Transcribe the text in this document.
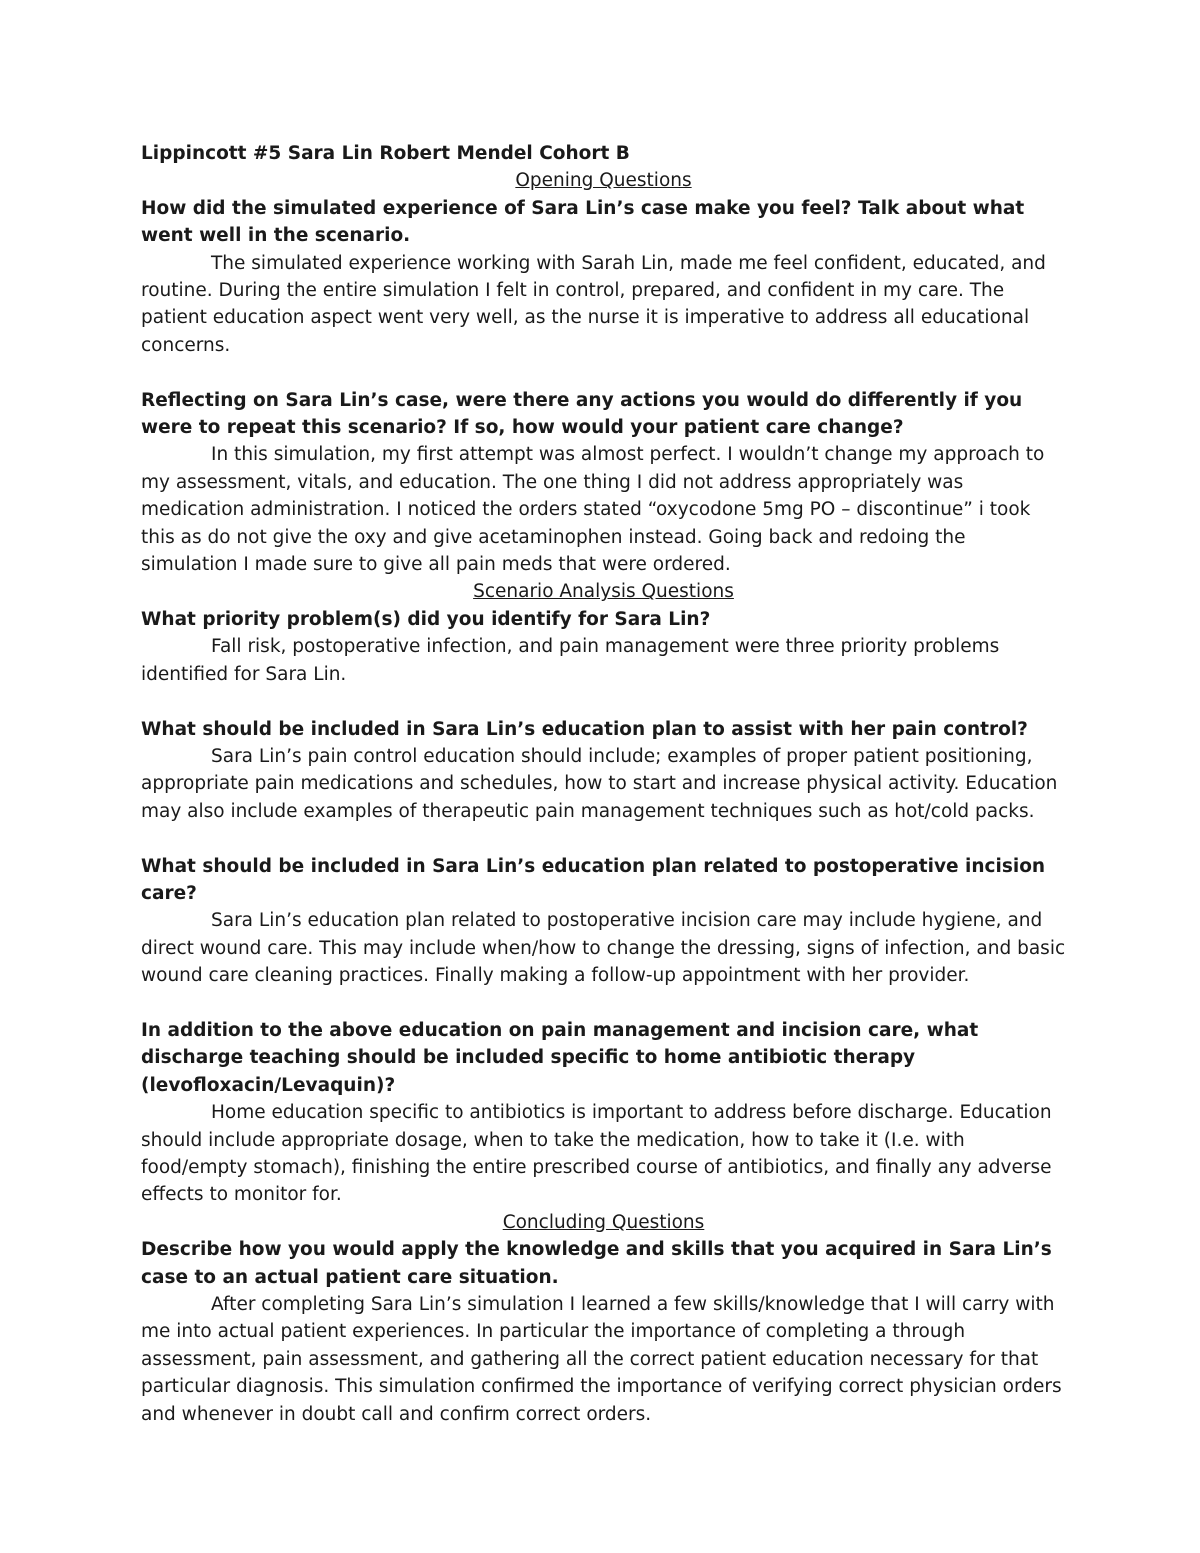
Lippincott #5 Sara Lin Robert Mendel Cohort B

Opening Questions

How did the simulated experience of Sara Lin’s case make you feel? Talk about what went well in the scenario.

The simulated experience working with Sarah Lin, made me feel confident, educated, and routine. During the entire simulation I felt in control, prepared, and confident in my care. The patient education aspect went very well, as the nurse it is imperative to address all educational concerns.

Reflecting on Sara Lin’s case, were there any actions you would do differently if you were to repeat this scenario? If so, how would your patient care change?

In this simulation, my first attempt was almost perfect. I wouldn’t change my approach to my assessment, vitals, and education. The one thing I did not address appropriately was medication administration. I noticed the orders stated “oxycodone 5mg PO – discontinue” i took this as do not give the oxy and give acetaminophen instead. Going back and redoing the simulation I made sure to give all pain meds that were ordered.

Scenario Analysis Questions

What priority problem(s) did you identify for Sara Lin?

Fall risk, postoperative infection, and pain management were three priority problems identified for Sara Lin.

What should be included in Sara Lin’s education plan to assist with her pain control?

Sara Lin’s pain control education should include; examples of proper patient positioning, appropriate pain medications and schedules, how to start and increase physical activity. Education may also include examples of therapeutic pain management techniques such as hot/cold packs.

What should be included in Sara Lin’s education plan related to postoperative incision care?

Sara Lin’s education plan related to postoperative incision care may include hygiene, and direct wound care. This may include when/how to change the dressing, signs of infection, and basic wound care cleaning practices. Finally making a follow-up appointment with her provider.

In addition to the above education on pain management and incision care, what discharge teaching should be included specific to home antibiotic therapy (levofloxacin/Levaquin)?

Home education specific to antibiotics is important to address before discharge. Education should include appropriate dosage, when to take the medication, how to take it (I.e. with food/empty stomach), finishing the entire prescribed course of antibiotics, and finally any adverse effects to monitor for.

Concluding Questions

Describe how you would apply the knowledge and skills that you acquired in Sara Lin’s case to an actual patient care situation.

After completing Sara Lin’s simulation I learned a few skills/knowledge that I will carry with me into actual patient experiences. In particular the importance of completing a through assessment, pain assessment, and gathering all the correct patient education necessary for that particular diagnosis. This simulation confirmed the importance of verifying correct physician orders and whenever in doubt call and confirm correct orders.
